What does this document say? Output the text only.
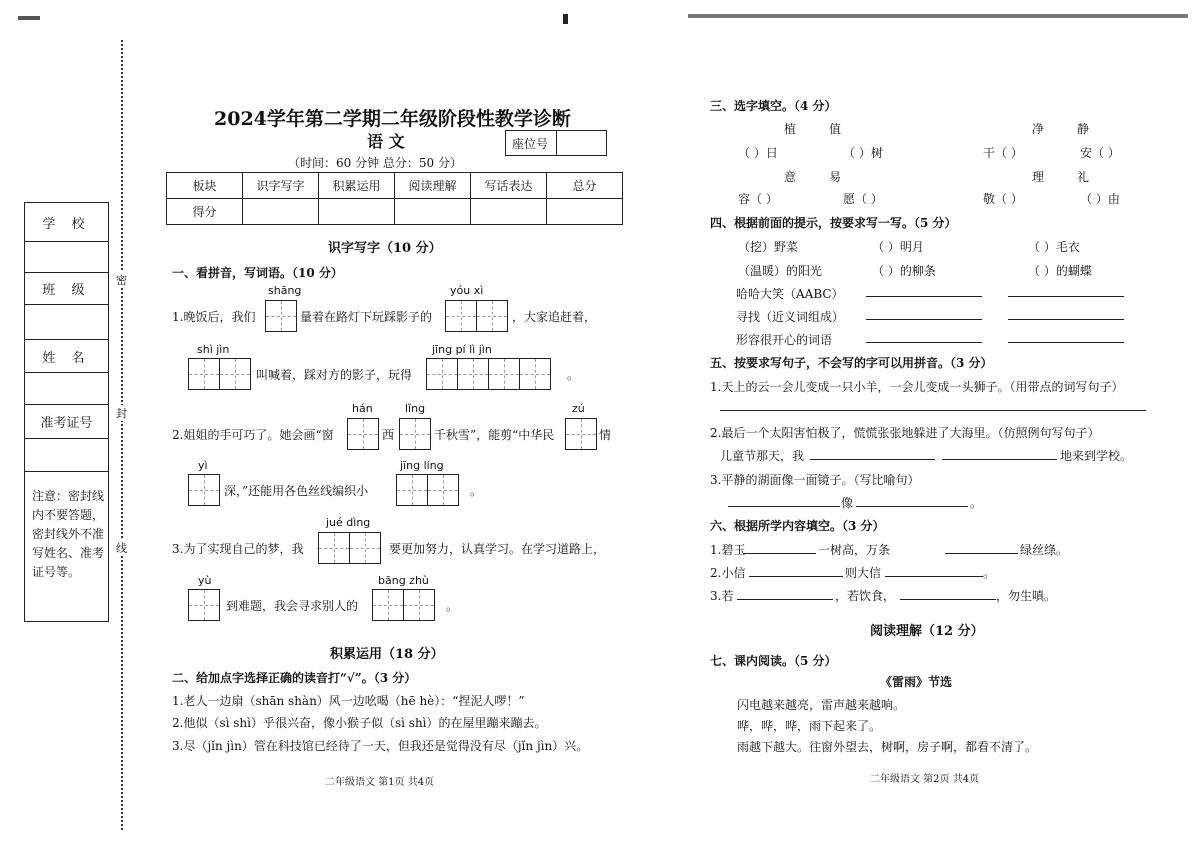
学 校
班 级
姓 名
准考证号
注意：密封线内不要答题，密封线外不准写姓名、准考证号等。
密
封
线
2024学年第二学期二年级阶段性教学诊断
语 文	座位号
（时间：60 分钟 总分：50 分）
板块	识字写字	积累运用	阅读理解	写话表达	总分
得分					
识字写字（10 分）
一、看拼音，写词语。（10 分）
shāng	yóu xì
1.晚饭后，我们	量着在路灯下玩踩影子的	，大家追赶着，
shì jìn	jīng pí lì jìn
叫喊着，踩对方的影子，玩得	。
hán	lǐng	zú
2.姐姐的手可巧了。她会画“窗	西	千秋雪”，能剪“中华民	情
yì	jīng líng
深，”还能用各色丝线编织小	。
jué dìng
3.为了实现自己的梦，我	要更加努力，认真学习。在学习道路上，
yù	bāng zhù
到难题，我会寻求别人的	。
积累运用（18 分）
二、给加点字选择正确的读音打“√”。（3 分）
1.老人一边扇（shān shàn）风一边吆喝（hē hè）：“捏泥人啰！”
2.他似（sì shì）乎很兴奋，像小猴子似（sì shì）的在屋里蹦来蹦去。
3.尽（jǐn jìn）管在科技馆已经待了一天，但我还是觉得没有尽（jǐn jìn）兴。
二年级语文 第1页 共4页
三、选字填空。（4 分）
植	值	净	静
（ ）日	（ ）树	干（ ）	安（ ）
意	易	理	礼
容（ ）	愿（ ）	敬（ ）	（ ）由
四、根据前面的提示，按要求写一写。（5 分）
（挖）野菜	（ ）明月	（ ）毛衣
（温暖）的阳光	（ ）的柳条	（ ）的蝴蝶
哈哈大笑（AABC）
寻找（近义词组成）
形容很开心的词语
五、按要求写句子，不会写的字可以用拼音。（3 分）
1.天上的云一会儿变成一只小羊，一会儿变成一头狮子。（用带点的词写句子）
2.最后一个太阳害怕极了，慌慌张张地躲进了大海里。（仿照例句写句子）
儿童节那天，我	地来到学校。
3.平静的湖面像一面镜子。（写比喻句）
像	。
六、根据所学内容填空。（3 分）
1.碧玉	一树高，万条	绿丝绦。
2.小信	则大信	。
3.若	，若饮食，	，勿生嗔。
阅读理解（12 分）
七、课内阅读。（5 分）
《雷雨》节选
闪电越来越亮，雷声越来越响。
哗，哗，哗，雨下起来了。
雨越下越大。往窗外望去，树啊，房子啊，都看不清了。
二年级语文 第2页 共4页
